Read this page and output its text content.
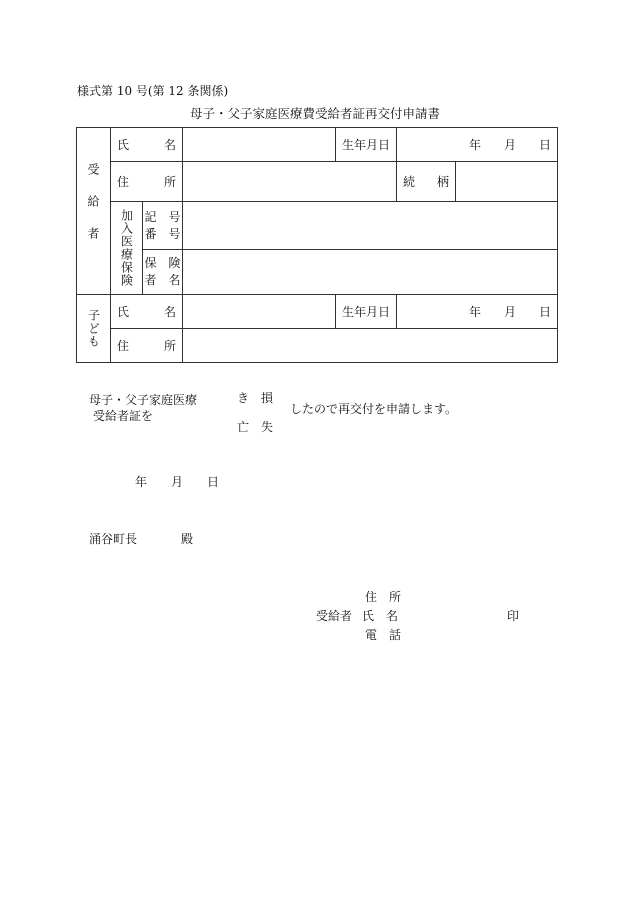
様式第 10 号(第 12 条関係)
母子・父子家庭医療費受給者証再交付申請書
受給者	氏 名			生年月日	年 月 日	

	住 所				続 柄	

	加入医療保険	記　号
番　号				

		保　険
者　名				

子ども	氏 名			生年月日	年 月 日	

	住 所					

母子・父子家庭医療
受給者証を
き　損
亡　失
したので再交付を申請します。
年 月 日
涌谷町長	殿
住　所
受給者 氏　名	印
電　話
